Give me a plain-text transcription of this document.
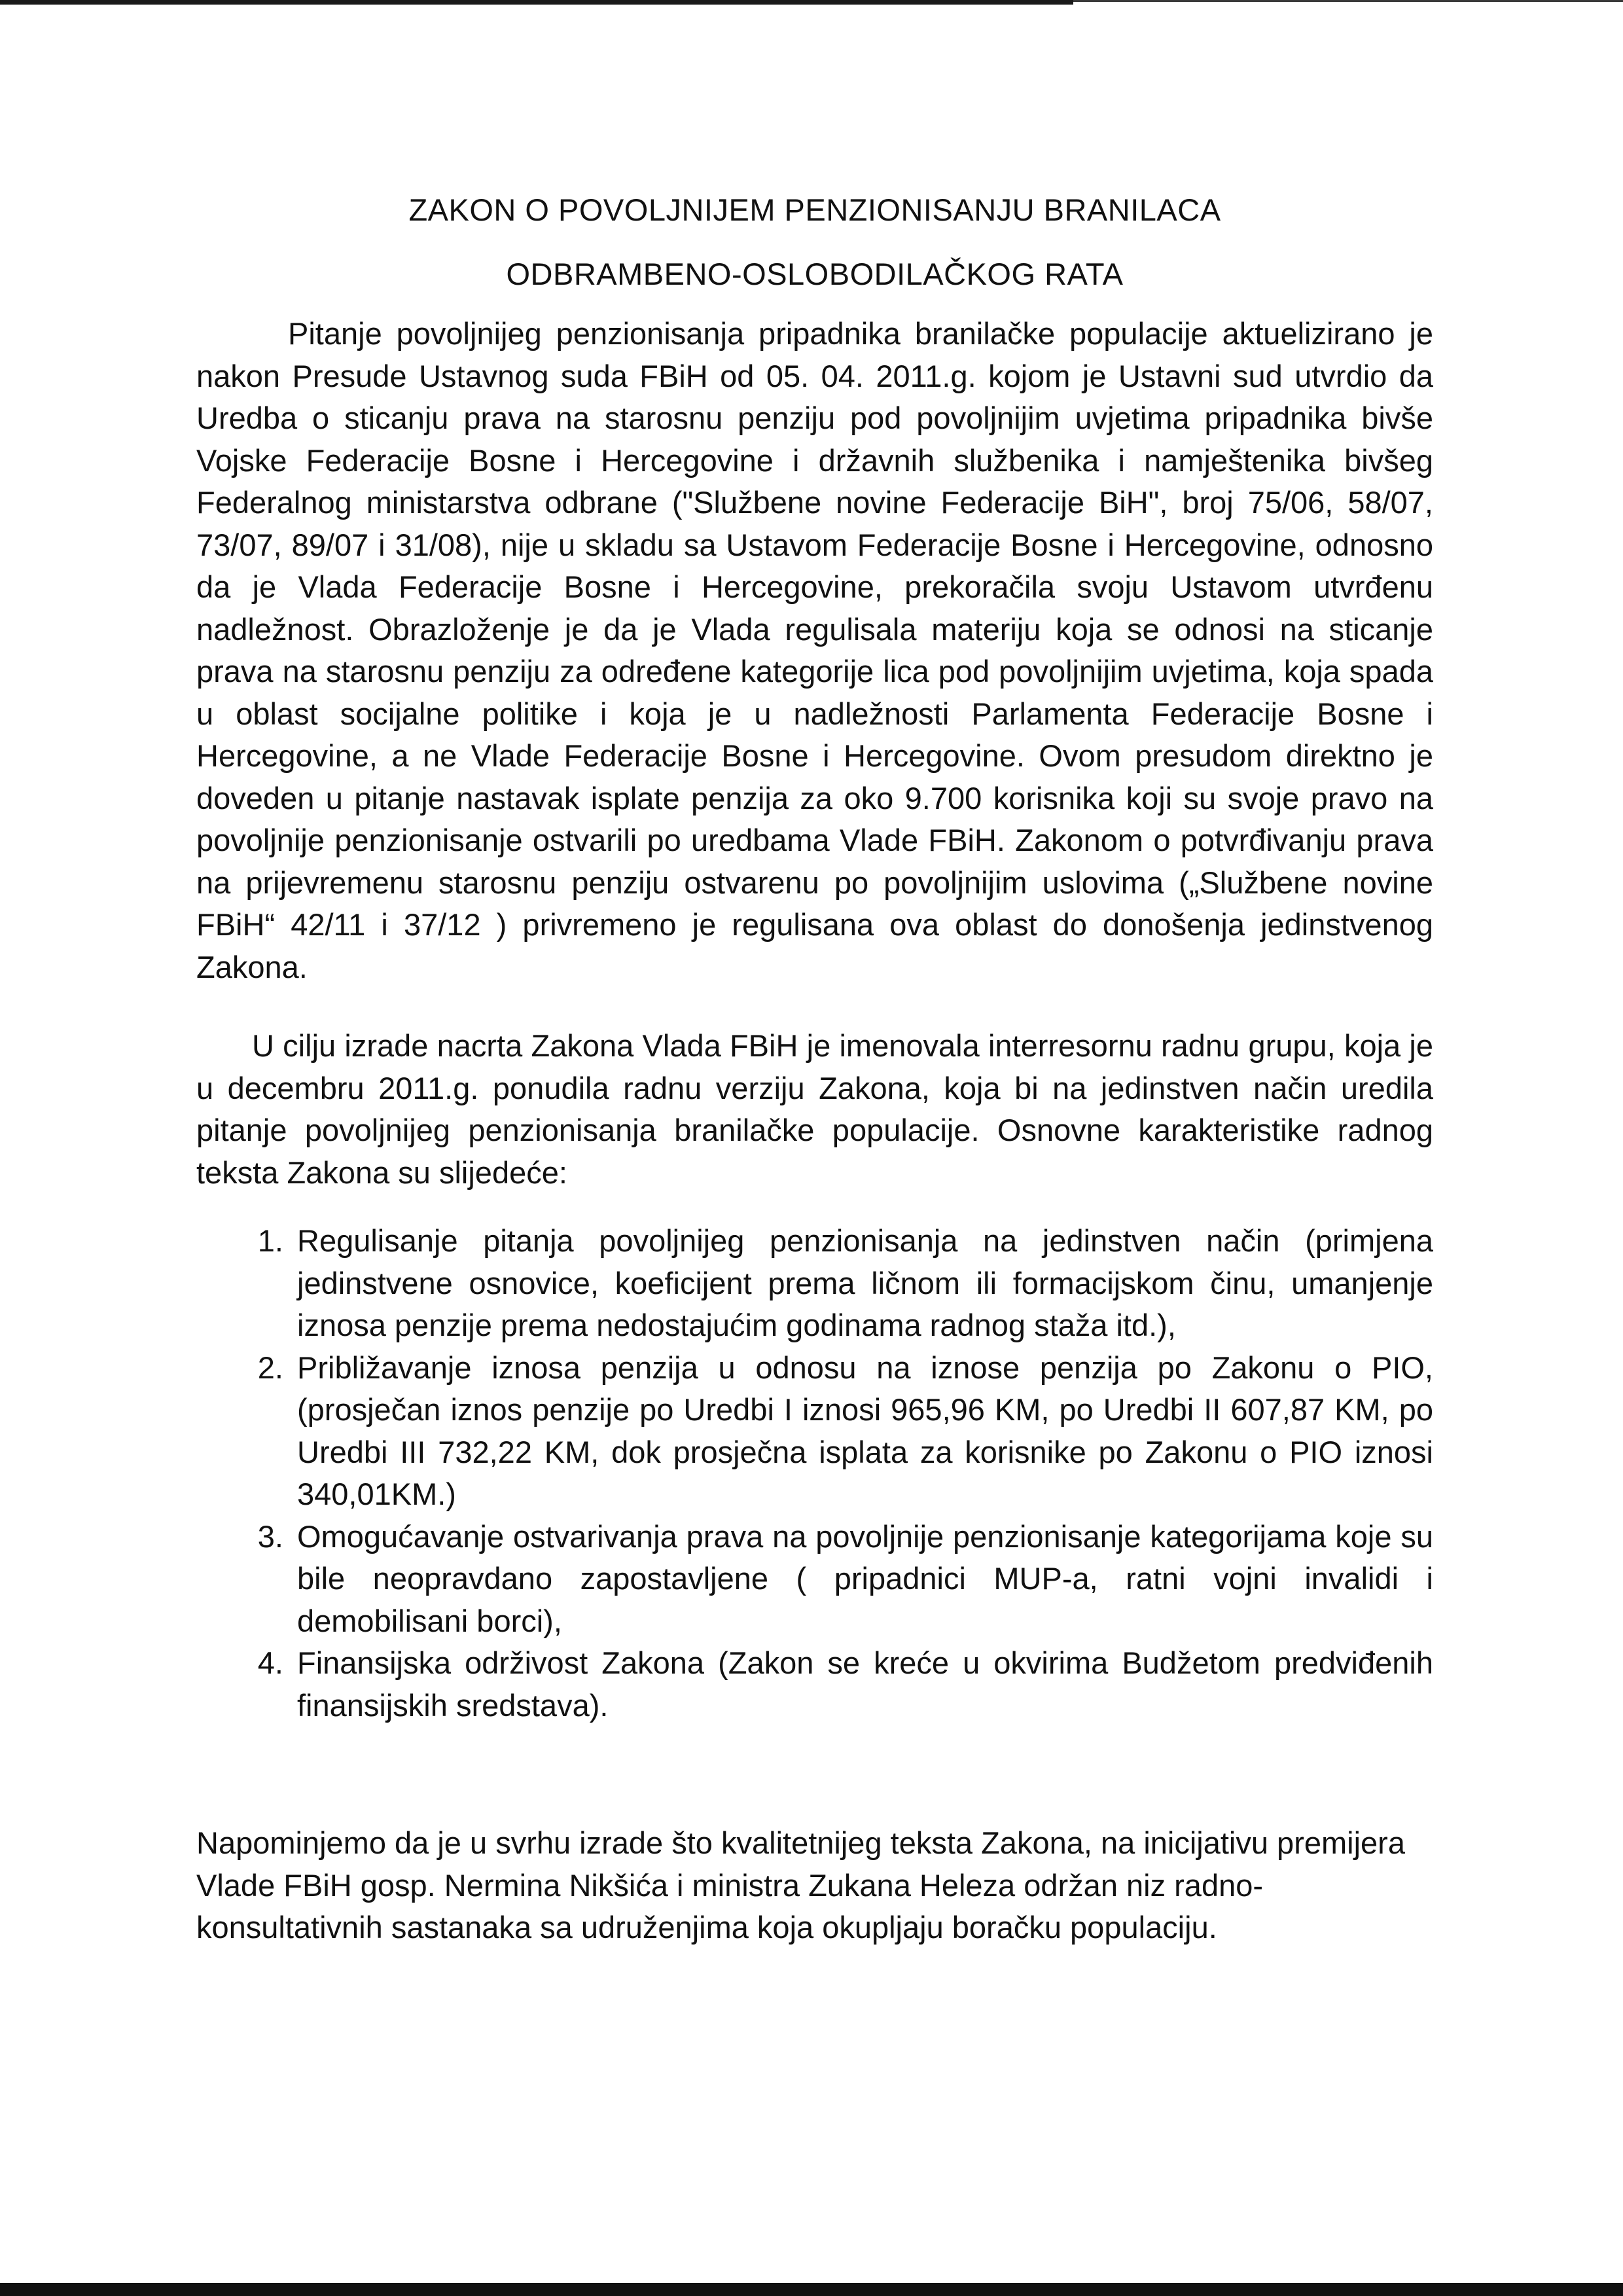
ZAKON O POVOLJNIJEM PENZIONISANJU BRANILACA
ODBRAMBENO-OSLOBODILAČKOG RATA

Pitanje povoljnijeg penzionisanja pripadnika branilačke populacije aktuelizirano je nakon Presude Ustavnog suda FBiH od 05. 04. 2011.g. kojom je Ustavni sud utvrdio da Uredba o sticanju prava na starosnu penziju pod povoljnijim uvjetima pripadnika bivše Vojske Federacije Bosne i Hercegovine i državnih službenika i namještenika bivšeg Federalnog ministarstva odbrane ("Službene novine Federacije BiH", broj 75/06, 58/07, 73/07, 89/07 i 31/08), nije u skladu sa Ustavom Federacije Bosne i Hercegovine, odnosno da je Vlada Federacije Bosne i Hercegovine, prekoračila svoju Ustavom utvrđenu nadležnost. Obrazloženje je da je Vlada regulisala materiju koja se odnosi na sticanje prava na starosnu penziju za određene kategorije lica pod povoljnijim uvjetima, koja spada u oblast socijalne politike i koja je u nadležnosti Parlamenta Federacije Bosne i Hercegovine, a ne Vlade Federacije Bosne i Hercegovine. Ovom presudom direktno je doveden u pitanje nastavak isplate penzija za oko 9.700 korisnika koji su svoje pravo na povoljnije penzionisanje ostvarili po uredbama Vlade FBiH. Zakonom o potvrđivanju prava na prijevremenu starosnu penziju ostvarenu po povoljnijim uslovima („Službene novine FBiH“ 42/11 i 37/12 ) privremeno je regulisana ova oblast do donošenja jedinstvenog Zakona.

U cilju izrade nacrta Zakona Vlada FBiH je imenovala interresornu radnu grupu, koja je u decembru 2011.g. ponudila radnu verziju Zakona, koja bi na jedinstven način uredila pitanje povoljnijeg penzionisanja branilačke populacije. Osnovne karakteristike radnog teksta Zakona su slijedeće:

1. Regulisanje pitanja povoljnijeg penzionisanja na jedinstven način (primjena jedinstvene osnovice, koeficijent prema ličnom ili formacijskom činu, umanjenje iznosa penzije prema nedostajućim godinama radnog staža itd.),
2. Približavanje iznosa penzija u odnosu na iznose penzija po Zakonu o PIO, (prosječan iznos penzije po Uredbi I iznosi 965,96 KM, po Uredbi II 607,87 KM, po Uredbi III 732,22 KM, dok prosječna isplata za korisnike po Zakonu o PIO iznosi 340,01KM.)
3. Omogućavanje ostvarivanja prava na povoljnije penzionisanje kategorijama koje su bile neopravdano zapostavljene ( pripadnici MUP-a, ratni vojni invalidi i demobilisani borci),
4. Finansijska održivost Zakona (Zakon se kreće u okvirima Budžetom predviđenih finansijskih sredstava).

Napominjemo da je u svrhu izrade što kvalitetnijeg teksta Zakona, na inicijativu premijera Vlade FBiH gosp. Nermina Nikšića i ministra Zukana Heleza održan niz radno-konsultativnih sastanaka sa udruženjima koja okupljaju boračku populaciju.
